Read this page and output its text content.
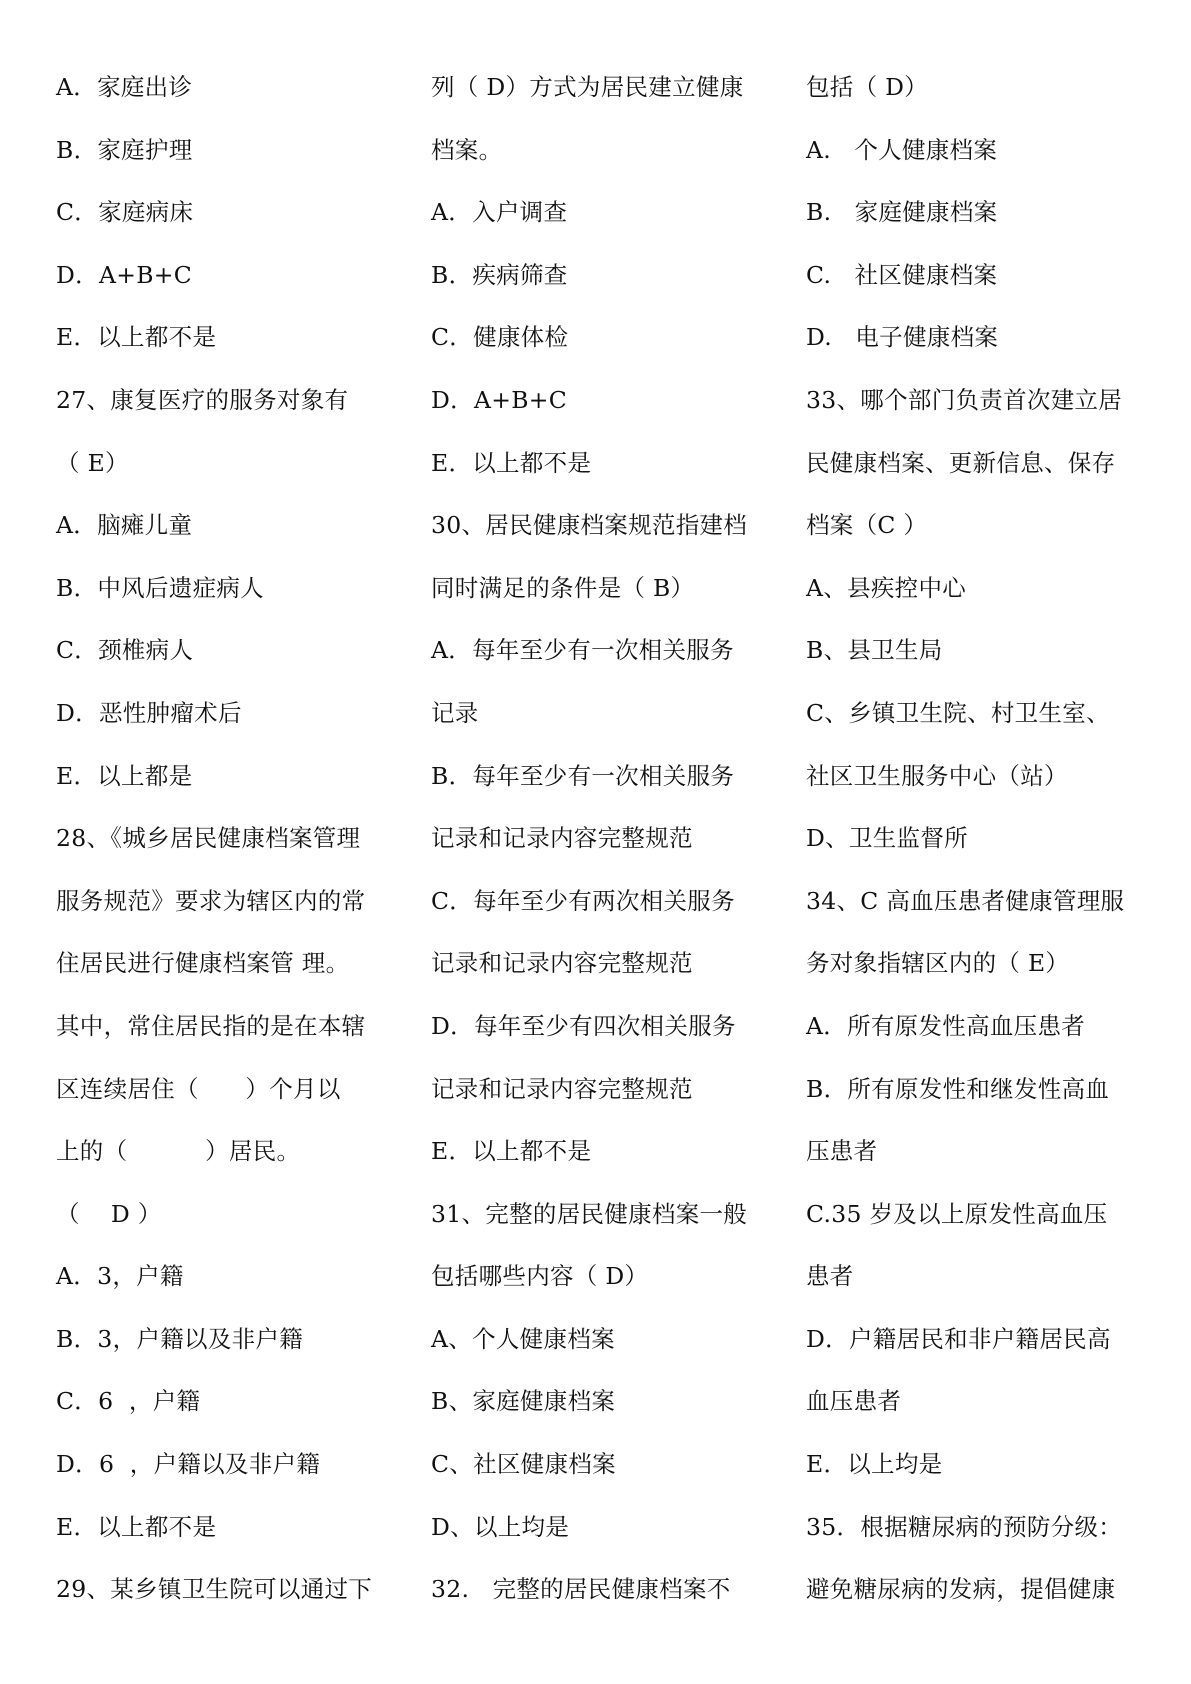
A．家庭出诊
B．家庭护理
C．家庭病床
D．A+B+C
E．以上都不是
27、康复医疗的服务对象有
（ E）
A．脑瘫儿童
B．中风后遗症病人
C．颈椎病人
D．恶性肿瘤术后
E．以上都是
28、《城乡居民健康档案管理
服务规范》要求为辖区内的常
住居民进行健康档案管 理。
其中，常住居民指的是在本辖
区连续居住（      ）个月以
上的（          ）居民。
（    D ）
A．3，户籍
B．3，户籍以及非户籍
C．6  ，户籍
D．6  ，户籍以及非户籍
E．以上都不是
29、某乡镇卫生院可以通过下
列（ D）方式为居民建立健康
档案。
A．入户调查
B．疾病筛查
C．健康体检
D．A+B+C
E．以上都不是
30、居民健康档案规范指建档
同时满足的条件是（ B）
A．每年至少有一次相关服务
记录
B．每年至少有一次相关服务
记录和记录内容完整规范
C．每年至少有两次相关服务
记录和记录内容完整规范
D．每年至少有四次相关服务
记录和记录内容完整规范
E．以上都不是
31、完整的居民健康档案一般
包括哪些内容（ D）
A、个人健康档案
B、家庭健康档案
C、社区健康档案
D、以上均是
32.   完整的居民健康档案不
包括（ D）
A.   个人健康档案
B.   家庭健康档案
C.   社区健康档案
D.   电子健康档案
33、哪个部门负责首次建立居
民健康档案、更新信息、保存
档案（C ）
A、县疾控中心
B、县卫生局
C、乡镇卫生院、村卫生室、
社区卫生服务中心（站）
D、卫生监督所
34、C 高血压患者健康管理服
务对象指辖区内的（ E）
A．所有原发性高血压患者
B．所有原发性和继发性高血
压患者
C.35 岁及以上原发性高血压
患者
D．户籍居民和非户籍居民高
血压患者
E．以上均是
35．根据糖尿病的预防分级：
避免糖尿病的发病，提倡健康
